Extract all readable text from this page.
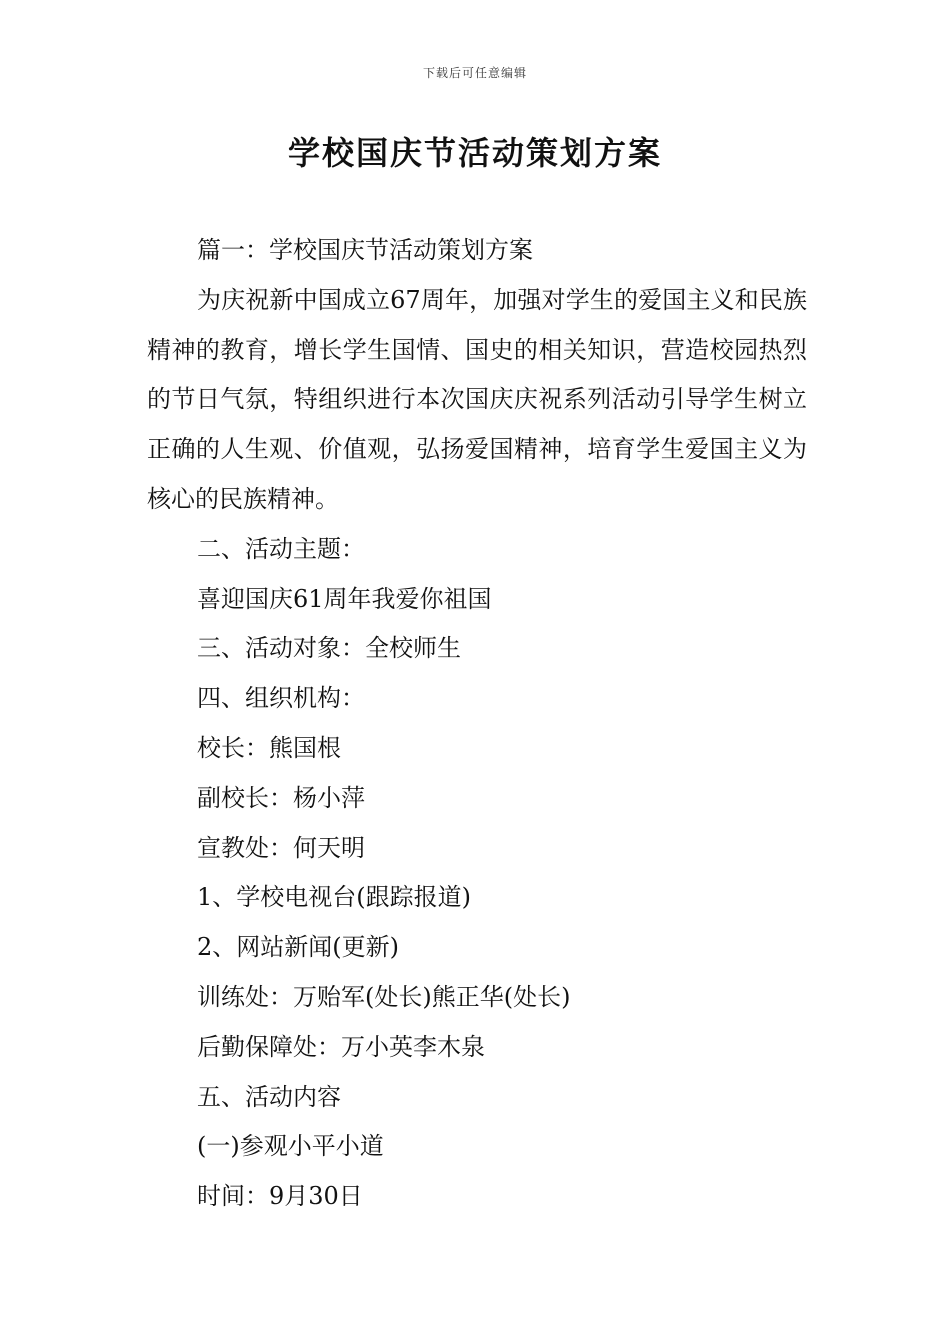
下载后可任意编辑
学校国庆节活动策划方案

篇一：学校国庆节活动策划方案

为庆祝新中国成立67周年，加强对学生的爱国主义和民族精神的教育，增长学生国情、国史的相关知识，营造校园热烈的节日气氛，特组织进行本次国庆庆祝系列活动引导学生树立正确的人生观、价值观，弘扬爱国精神，培育学生爱国主义为核心的民族精神。

二、活动主题：

喜迎国庆61周年我爱你祖国

三、活动对象：全校师生

四、组织机构：

校长：熊国根

副校长：杨小萍

宣教处：何天明

1、学校电视台(跟踪报道)

2、网站新闻(更新)

训练处：万贻军(处长)熊正华(处长)

后勤保障处：万小英李木泉

五、活动内容

(一)参观小平小道

时间：9月30日
